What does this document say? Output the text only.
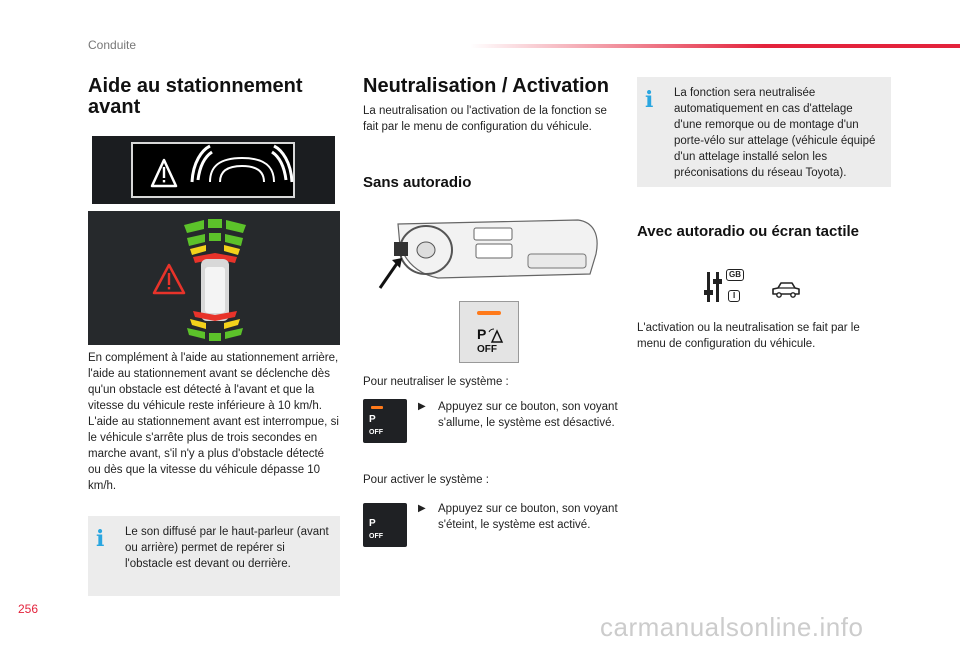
Conduite
Aide au stationnement avant
En complément à l'aide au stationnement arrière, l'aide au stationnement avant se déclenche dès qu'un obstacle est détecté à l'avant et que la vitesse du véhicule reste inférieure à 10 km/h.
L'aide au stationnement avant est interrompue, si le véhicule s'arrête plus de trois secondes en marche avant, s'il n'y a plus d'obstacle détecté ou dès que la vitesse du véhicule dépasse 10 km/h.
i Le son diffusé par le haut-parleur (avant ou arrière) permet de repérer si l'obstacle est devant ou derrière.
Neutralisation / Activation
La neutralisation ou l'activation de la fonction se fait par le menu de configuration du véhicule.
Sans autoradio
P
OFF
Pour neutraliser le système :
P
OFF
▶ Appuyez sur ce bouton, son voyant s'allume, le système est désactivé.
Pour activer le système :
P
OFF
▶ Appuyez sur ce bouton, son voyant s'éteint, le système est activé.
i La fonction sera neutralisée automatiquement en cas d'attelage d'une remorque ou de montage d'un porte-vélo sur attelage (véhicule équipé d'un attelage installé selon les préconisations du réseau Toyota).
Avec autoradio ou écran tactile
GB
I
L'activation ou la neutralisation se fait par le menu de configuration du véhicule.
256
carmanualsonline.info
